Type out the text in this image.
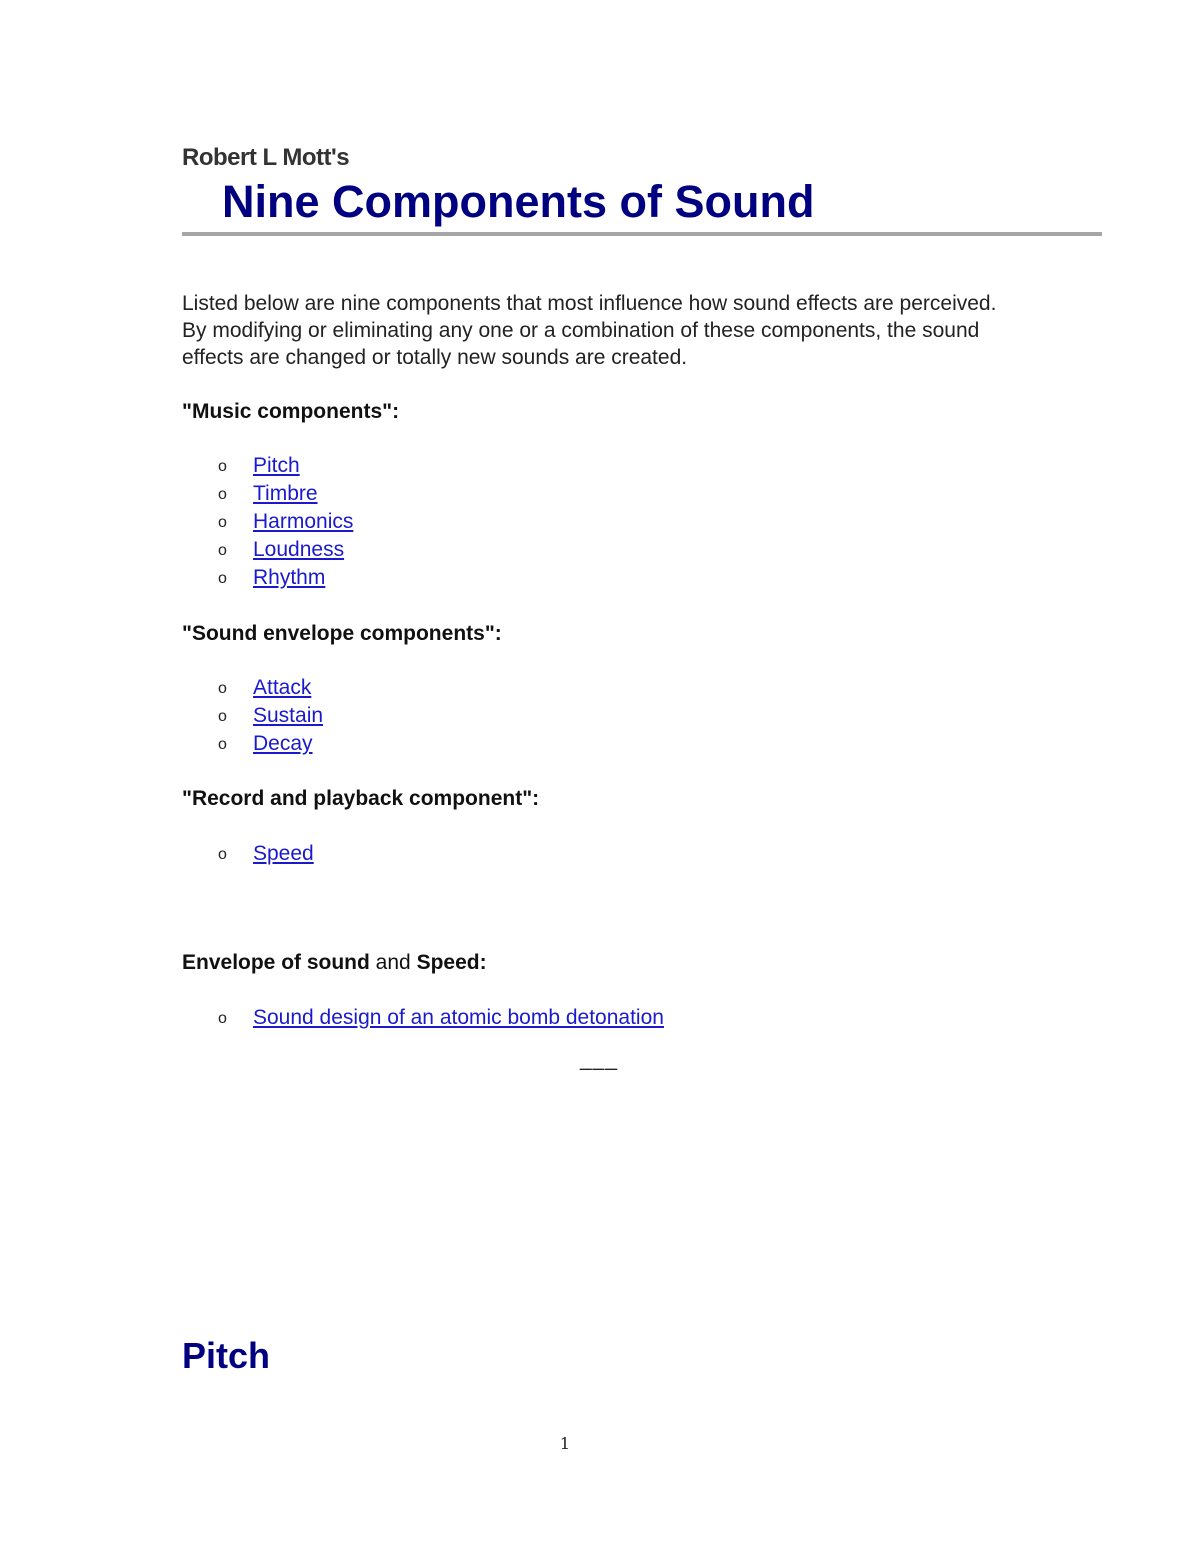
Robert L Mott's

Nine Components of Sound

Listed below are nine components that most influence how sound effects are perceived. By modifying or eliminating any one or a combination of these components, the sound effects are changed or totally new sounds are created.

"Music components":

o Pitch
o Timbre
o Harmonics
o Loudness
o Rhythm

"Sound envelope components":

o Attack
o Sustain
o Decay

"Record and playback component":

o Speed

Envelope of sound and Speed:

o Sound design of an atomic bomb detonation
___
Pitch
1
